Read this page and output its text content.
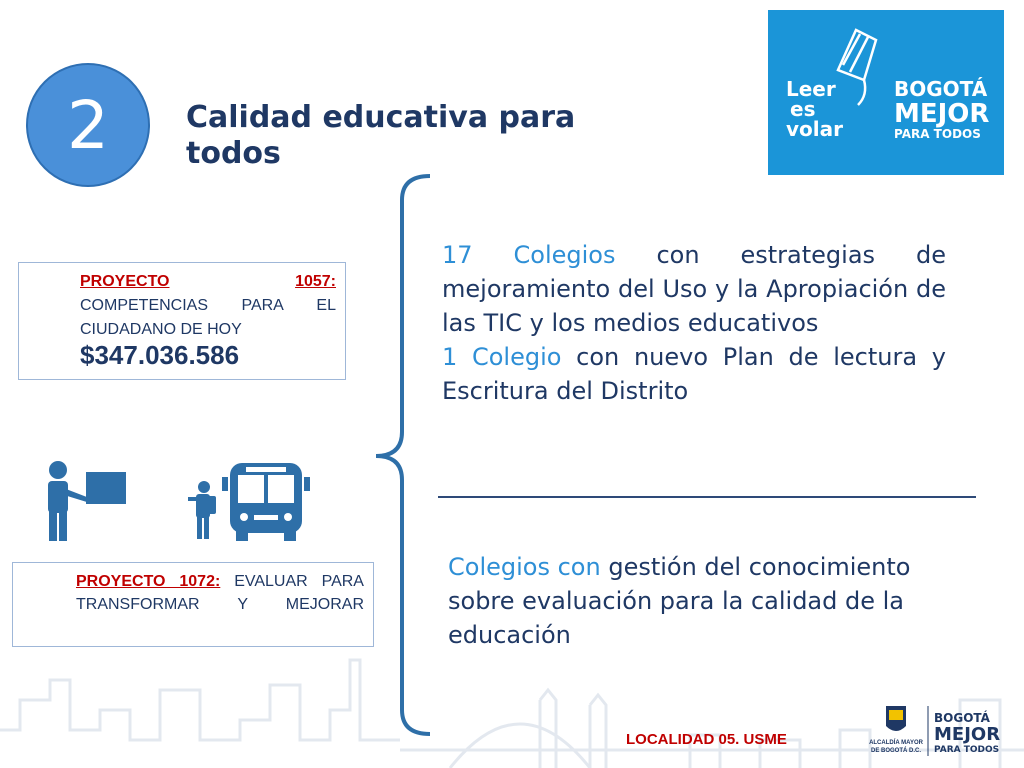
2	Calidad educativa para todos
Leer
es
volar
BOGOTÁ
MEJOR
PARA TODOS
PROYECTO	1057:
COMPETENCIAS PARA EL CIUDADANO DE HOY
$347.036.586
PROYECTO 1072: EVALUAR PARA TRANSFORMAR Y MEJORAR
17 Colegios con estrategias de mejoramiento del Uso y la Apropiación de las TIC y los medios educativos
1 Colegio con nuevo Plan de lectura y Escritura del Distrito
Colegios con gestión del conocimiento sobre evaluación para la calidad de la educación
LOCALIDAD 05. USME	ALCALDÍA MAYOR
DE BOGOTÁ D.C.
BOGOTÁ
MEJOR
PARA TODOS
